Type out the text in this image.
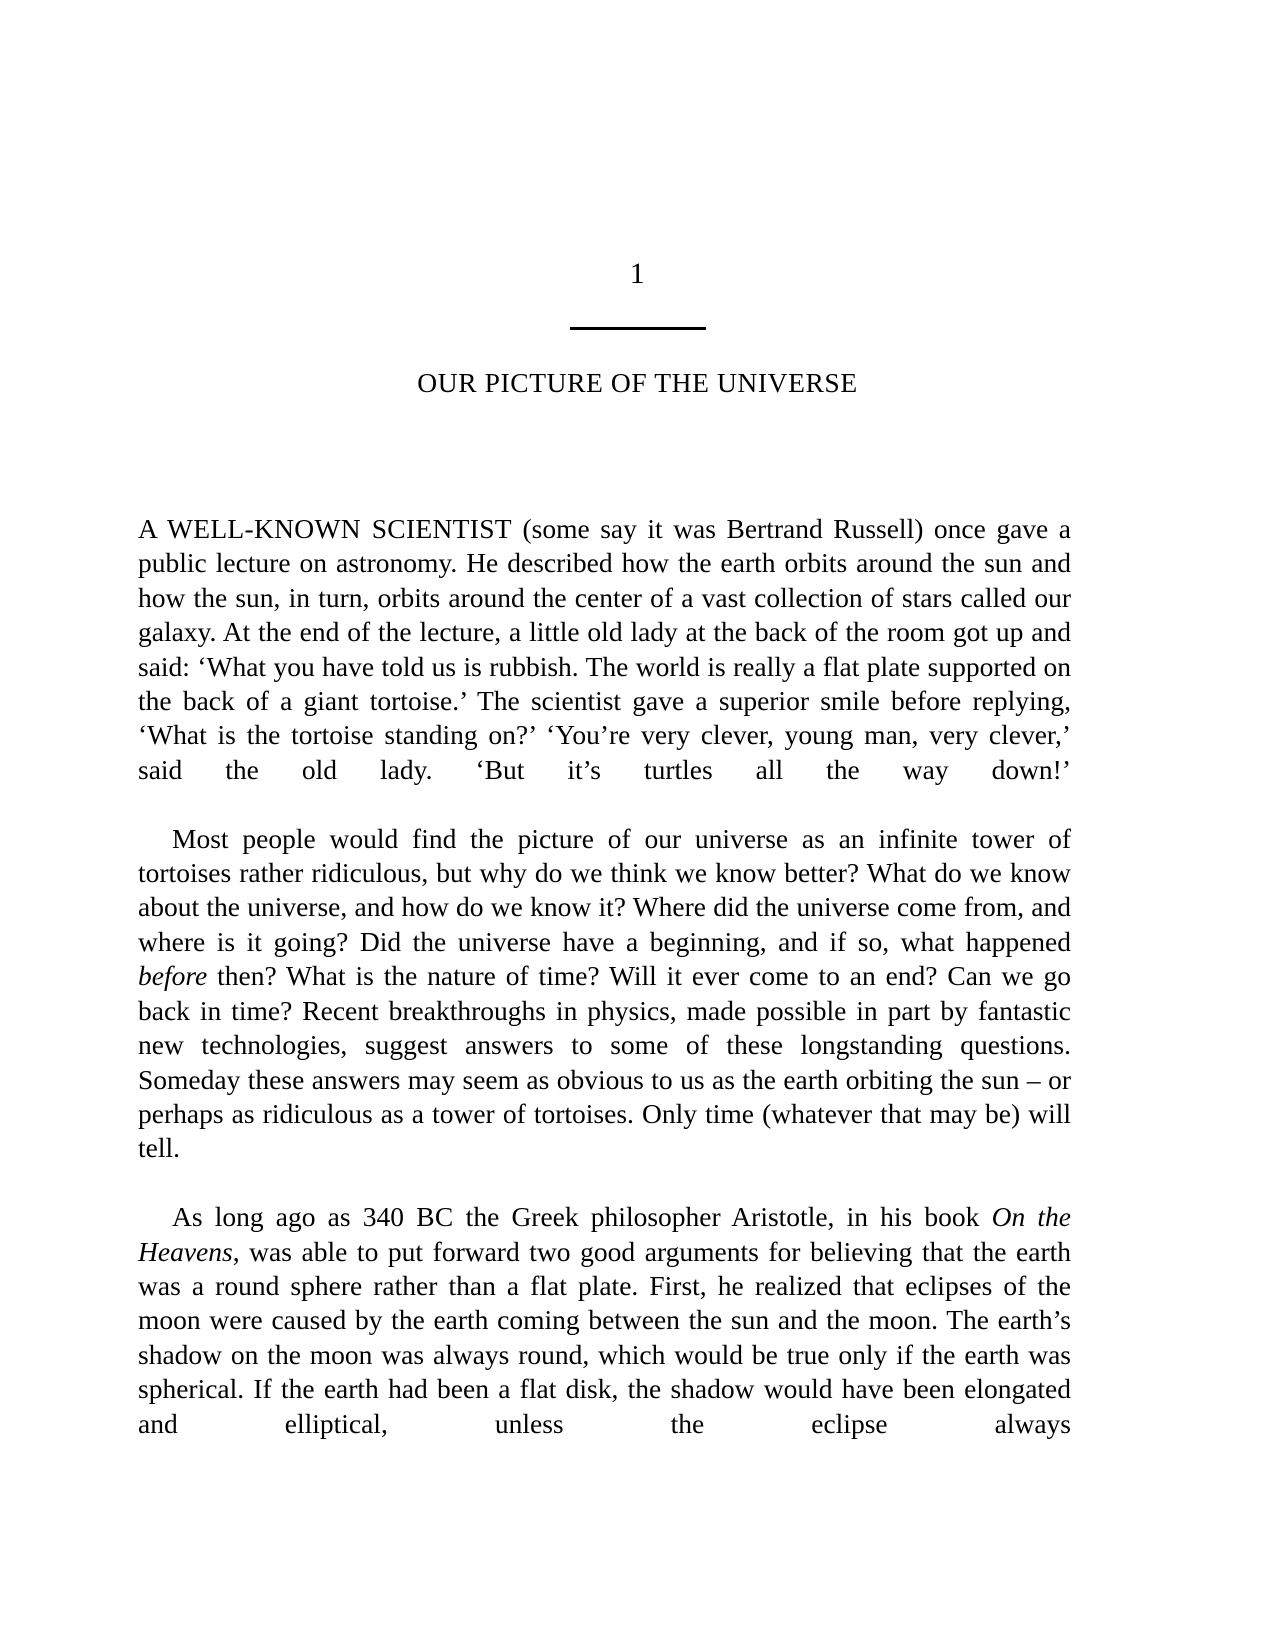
1
OUR PICTURE OF THE UNIVERSE

A WELL-KNOWN SCIENTIST (some say it was Bertrand Russell) once gave a public lecture on astronomy. He described how the earth orbits around the sun and how the sun, in turn, orbits around the center of a vast collection of stars called our galaxy. At the end of the lecture, a little old lady at the back of the room got up and said: ‘What you have told us is rubbish. The world is really a flat plate supported on the back of a giant tortoise.’ The scientist gave a superior smile before replying, ‘What is the tortoise standing on?’ ‘You’re very clever, young man, very clever,’ said the old lady. ‘But it’s turtles all the way down!’

Most people would find the picture of our universe as an infinite tower of tortoises rather ridiculous, but why do we think we know better? What do we know about the universe, and how do we know it? Where did the universe come from, and where is it going? Did the universe have a beginning, and if so, what happened before then? What is the nature of time? Will it ever come to an end? Can we go back in time? Recent breakthroughs in physics, made possible in part by fantastic new technologies, suggest answers to some of these longstanding questions. Someday these answers may seem as obvious to us as the earth orbiting the sun – or perhaps as ridiculous as a tower of tortoises. Only time (whatever that may be) will tell.

As long ago as 340 BC the Greek philosopher Aristotle, in his book On the Heavens, was able to put forward two good arguments for believing that the earth was a round sphere rather than a flat plate. First, he realized that eclipses of the moon were caused by the earth coming between the sun and the moon. The earth’s shadow on the moon was always round, which would be true only if the earth was spherical. If the earth had been a flat disk, the shadow would have been elongated and elliptical, unless the eclipse always
